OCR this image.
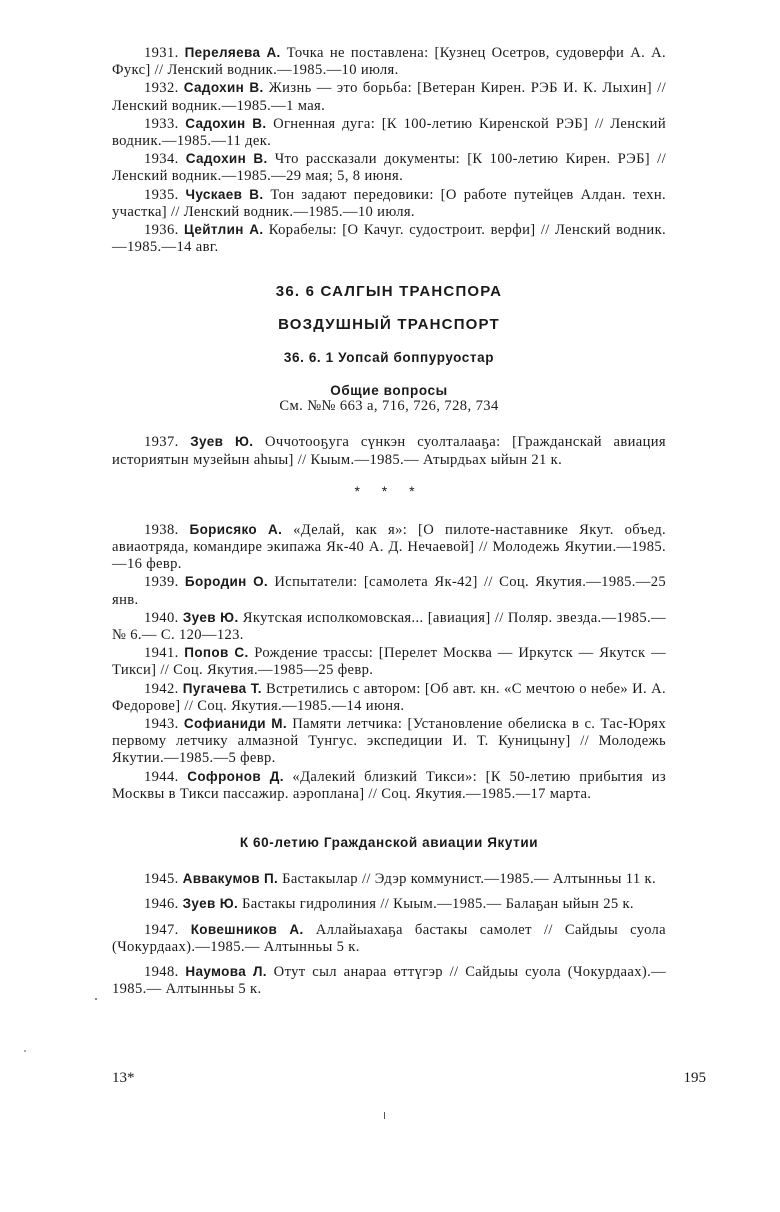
1931. Переляева А. Точка не поставлена: [Кузнец Осетров, судоверфи А. А. Фукс] // Ленский водник.—1985.—10 июля.

1932. Садохин В. Жизнь — это борьба: [Ветеран Кирен. РЭБ И. К. Лыхин] // Ленский водник.—1985.—1 мая.

1933. Садохин В. Огненная дуга: [К 100-летию Киренской РЭБ] // Ленский водник.—1985.—11 дек.

1934. Садохин В. Что рассказали документы: [К 100-летию Кирен. РЭБ] // Ленский водник.—1985.—29 мая; 5, 8 июня.

1935. Чускаев В. Тон задают передовики: [О работе путейцев Алдан. техн. участка] // Ленский водник.—1985.—10 июля.

1936. Цейтлин А. Корабелы: [О Качуг. судостроит. верфи] // Ленский водник.—1985.—14 авг.

36. 6 САЛГЫН ТРАНСПОРА
ВОЗДУШНЫЙ ТРАНСПОРТ
36. 6. 1 Уопсай боппуруостар
Общие вопросы
См. №№ 663 а, 716, 726, 728, 734

1937. Зуев Ю. Оччотооҕуга сүнкэн суолталааҕа: [Гражданскай авиация историятын музейын аһыы] // Кыым.—1985.— Атырдьах ыйын 21 к.

* * *

1938. Борисяко А. «Делай, как я»: [О пилоте-наставнике Якут. объед. авиаотряда, командире экипажа Як-40 А. Д. Нечаевой] // Молодежь Якутии.—1985.—16 февр.

1939. Бородин О. Испытатели: [самолета Як-42] // Соц. Якутия.—1985.—25 янв.

1940. Зуев Ю. Якутская исполкомовская... [авиация] // Поляр. звезда.—1985.— № 6.— С. 120—123.

1941. Попов С. Рождение трассы: [Перелет Москва — Иркутск — Якутск — Тикси] // Соц. Якутия.—1985—25 февр.

1942. Пугачева Т. Встретились с автором: [Об авт. кн. «С мечтою о небе» И. А. Федорове] // Соц. Якутия.—1985.—14 июня.

1943. Софианиди М. Памяти летчика: [Установление обелиска в с. Тас-Юрях первому летчику алмазной Тунгус. экспедиции И. Т. Куницыну] // Молодежь Якутии.—1985.—5 февр.

1944. Софронов Д. «Далекий близкий Тикси»: [К 50-летию прибытия из Москвы в Тикси пассажир. аэроплана] // Соц. Якутия.—1985.—17 марта.

К 60-летию Гражданской авиации Якутии

1945. Аввакумов П. Бастакылар // Эдэр коммунист.—1985.— Алтынньы 11 к.

1946. Зуев Ю. Бастакы гидролиния // Кыым.—1985.— Балаҕан ыйын 25 к.

1947. Ковешников А. Аллайыахаҕа бастакы самолет // Сайдыы суола (Чокурдаах).—1985.— Алтынньы 5 к.

1948. Наумова Л. Отут сыл анараа өттүгэр // Сайдыы суола (Чокурдаах).—1985.— Алтынньы 5 к.

13*	195
